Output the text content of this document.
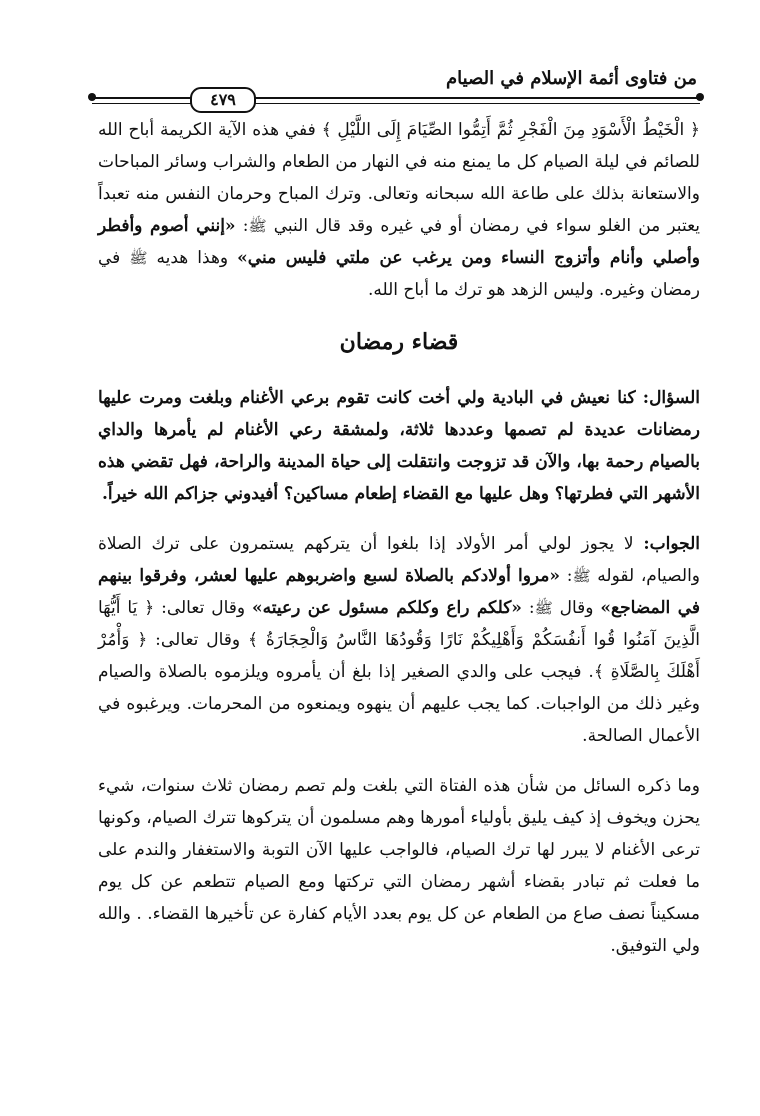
من فتاوى أئمة الإسلام في الصيام
٤٧٩

﴿ الْخَيْطُ الْأَسْوَدِ مِنَ الْفَجْرِ ثُمَّ أَتِمُّوا الصِّيَامَ إِلَى اللَّيْلِ ﴾ ففي هذه الآية الكريمة أباح الله للصائم في ليلة الصيام كل ما يمنع منه في النهار من الطعام والشراب وسائر المباحات والاستعانة بذلك على طاعة الله سبحانه وتعالى. وترك المباح وحرمان النفس منه تعبداً يعتبر من الغلو سواء في رمضان أو في غيره وقد قال النبي ﷺ: «إنني أصوم وأفطر وأصلي وأنام وأتزوج النساء ومن يرغب عن ملتي فليس مني» وهذا هديه ﷺ في رمضان وغيره. وليس الزهد هو ترك ما أباح الله.

قضاء رمضان

السؤال: كنا نعيش في البادية ولي أخت كانت تقوم برعي الأغنام وبلغت ومرت عليها رمضانات عديدة لم تصمها وعددها ثلاثة، ولمشقة رعي الأغنام لم يأمرها والداي بالصيام رحمة بها، والآن قد تزوجت وانتقلت إلى حياة المدينة والراحة، فهل تقضي هذه الأشهر التي فطرتها؟ وهل عليها مع القضاء إطعام مساكين؟ أفيدوني جزاكم الله خيراً.

الجواب: لا يجوز لولي أمر الأولاد إذا بلغوا أن يتركهم يستمرون على ترك الصلاة والصيام، لقوله ﷺ: «مروا أولادكم بالصلاة لسبع واضربوهم عليها لعشر، وفرقوا بينهم في المضاجع» وقال ﷺ: «كلكم راع وكلكم مسئول عن رعيته» وقال تعالى: ﴿ يَا أَيُّهَا الَّذِينَ آمَنُوا قُوا أَنفُسَكُمْ وَأَهْلِيكُمْ نَارًا وَقُودُهَا النَّاسُ وَالْحِجَارَةُ ﴾ وقال تعالى: ﴿ وَأْمُرْ أَهْلَكَ بِالصَّلَاةِ ﴾. فيجب على والدي الصغير إذا بلغ أن يأمروه ويلزموه بالصلاة والصيام وغير ذلك من الواجبات. كما يجب عليهم أن ينهوه ويمنعوه من المحرمات. ويرغبوه في الأعمال الصالحة.

وما ذكره السائل من شأن هذه الفتاة التي بلغت ولم تصم رمضان ثلاث سنوات، شيء يحزن ويخوف إذ كيف يليق بأولياء أمورها وهم مسلمون أن يتركوها تترك الصيام، وكونها ترعى الأغنام لا يبرر لها ترك الصيام، فالواجب عليها الآن التوبة والاستغفار والندم على ما فعلت ثم تبادر بقضاء أشهر رمضان التي تركتها ومع الصيام تتطعم عن كل يوم مسكيناً نصف صاع من الطعام عن كل يوم بعدد الأيام كفارة عن تأخيرها القضاء. . والله ولي التوفيق.
